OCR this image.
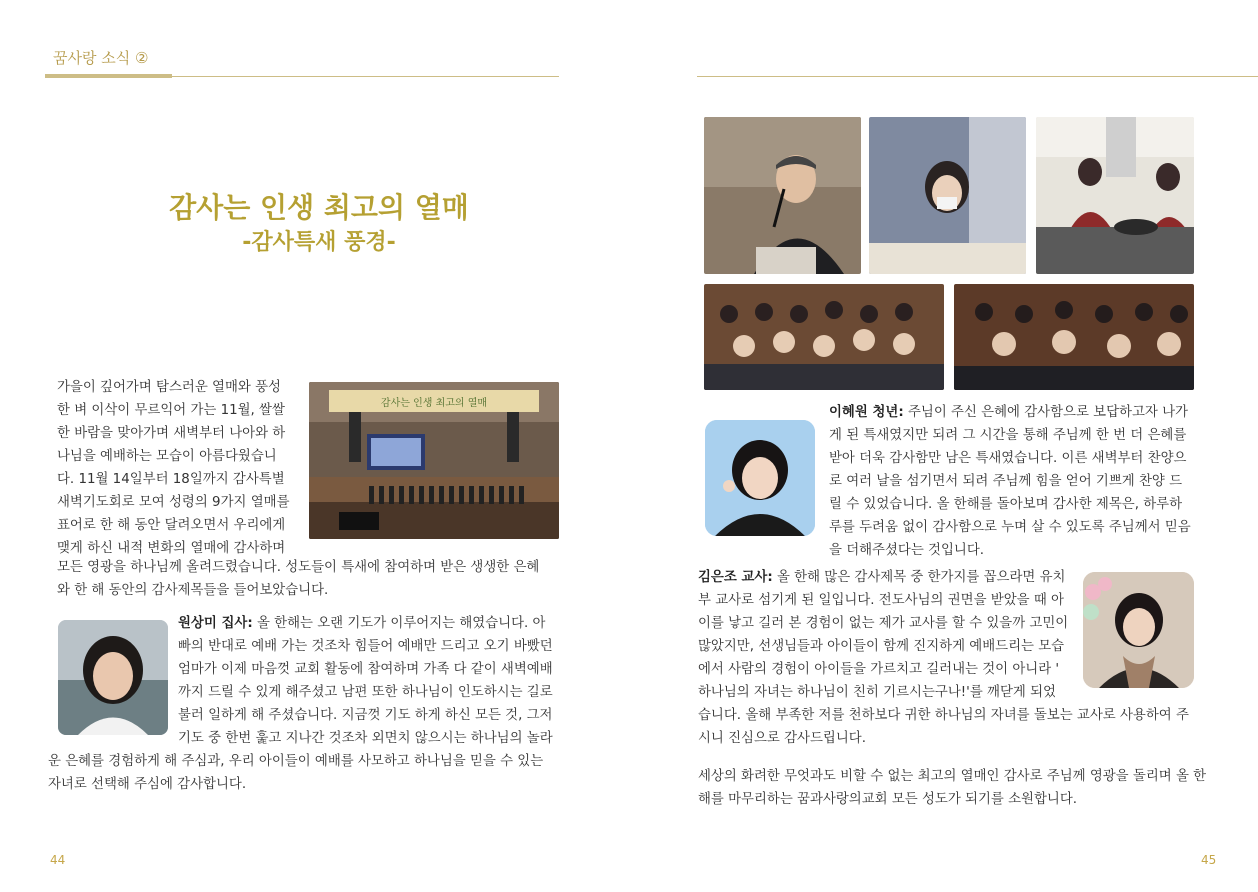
꿈사랑 소식 ②
감사는 인생 최고의 열매
-감사특새 풍경-
가을이 깊어가며 탐스러운 열매와 풍성
한 벼 이삭이 무르익어 가는 11월, 쌀쌀
한 바람을 맞아가며 새벽부터 나아와 하
나님을 예배하는 모습이 아름다웠습니
다. 11월 14일부터 18일까지 감사특별
새벽기도회로 모여 성령의 9가지 열매를
표어로 한 해 동안 달려오면서 우리에게
맺게 하신 내적 변화의 열매에 감사하며
모든 영광을 하나님께 올려드렸습니다. 성도들이 특새에 참여하며 받은 생생한 은혜
와 한 해 동안의 감사제목들을 들어보았습니다.
감사는 인생 최고의 열매
원상미 집사: 올 한해는 오랜 기도가 이루어지는 해였습니다. 아
빠의 반대로 예배 가는 것조차 힘들어 예배만 드리고 오기 바빴던
엄마가 이제 마음껏 교회 활동에 참여하며 가족 다 같이 새벽예배
까지 드릴 수 있게 해주셨고 남편 또한 하나님이 인도하시는 길로
불러 일하게 해 주셨습니다. 지금껏 기도 하게 하신 모든 것, 그저
기도 중 한번 훑고 지나간 것조차 외면치 않으시는 하나님의 놀라
운 은혜를 경험하게 해 주심과, 우리 아이들이 예배를 사모하고 하나님을 믿을 수 있는
자녀로 선택해 주심에 감사합니다.
44
이혜원 청년: 주님이 주신 은혜에 감사함으로 보답하고자 나가
게 된 특새였지만 되려 그 시간을 통해 주님께 한 번 더 은혜를
받아 더욱 감사함만 남은 특새였습니다. 이른 새벽부터 찬양으
로 여러 날을 섬기면서 되려 주님께 힘을 얻어 기쁘게 찬양 드
릴 수 있었습니다. 올 한해를 돌아보며 감사한 제목은, 하루하
루를 두려움 없이 감사함으로 누며 살 수 있도록 주님께서 믿음
을 더해주셨다는 것입니다.
김은조 교사: 올 한해 많은 감사제목 중 한가지를 꼽으라면 유치
부 교사로 섬기게 된 일입니다. 전도사님의 권면을 받았을 때 아
이를 낳고 길러 본 경험이 없는 제가 교사를 할 수 있을까 고민이
많았지만, 선생님들과 아이들이 함께 진지하게 예배드리는 모습
에서 사람의 경험이 아이들을 가르치고 길러내는 것이 아니라 '
하나님의 자녀는 하나님이 친히 기르시는구나!'를 깨닫게 되었
습니다. 올해 부족한 저를 천하보다 귀한 하나님의 자녀를 돌보는 교사로 사용하여 주
시니 진심으로 감사드립니다.
세상의 화려한 무엇과도 비할 수 없는 최고의 열매인 감사로 주님께 영광을 돌리며 올 한
해를 마무리하는 꿈과사랑의교회 모든 성도가 되기를 소원합니다.
45
